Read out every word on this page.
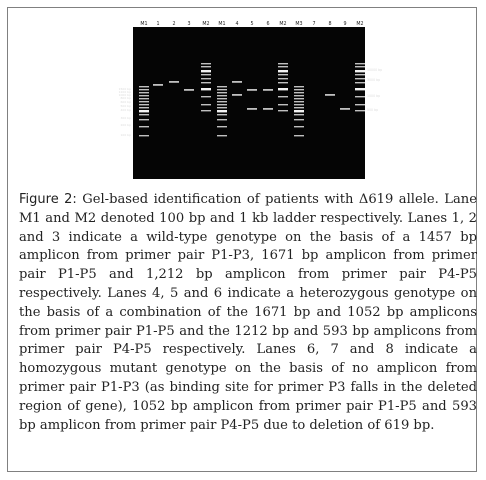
M1 1	2 3 M2 M1 4 5	6 M2 M3 7	8 9 M2
1500 bp
1200 bp
1000 bp
800 bp
600 bp
500 bp
400 bp
300 bp
200 bp
100 bp
10000 bp
3000 bp
1000 bp
500 bp
Figure 2: Gel-based identification of patients with Δ619 allele. Lane M1 and M2 denoted 100 bp and 1 kb ladder respectively. Lanes 1, 2 and 3 indicate a wild-type genotype on the basis of a 1457 bp amplicon from primer pair P1-P3, 1671 bp amplicon from primer pair P1-P5 and 1,212 bp amplicon from primer pair P4-P5 respectively. Lanes 4, 5 and 6 indicate a heterozygous genotype on the basis of a combination of the 1671 bp and 1052 bp amplicons from primer pair P1-P5 and the 1212 bp and 593 bp amplicons from primer pair P4-P5 respectively. Lanes 6, 7 and 8 indicate a homozygous mutant genotype on the basis of no amplicon from primer pair P1-P3 (as binding site for primer P3 falls in the deleted region of gene), 1052 bp amplicon from primer pair P1-P5 and 593 bp amplicon from primer pair P4-P5 due to deletion of 619 bp.
